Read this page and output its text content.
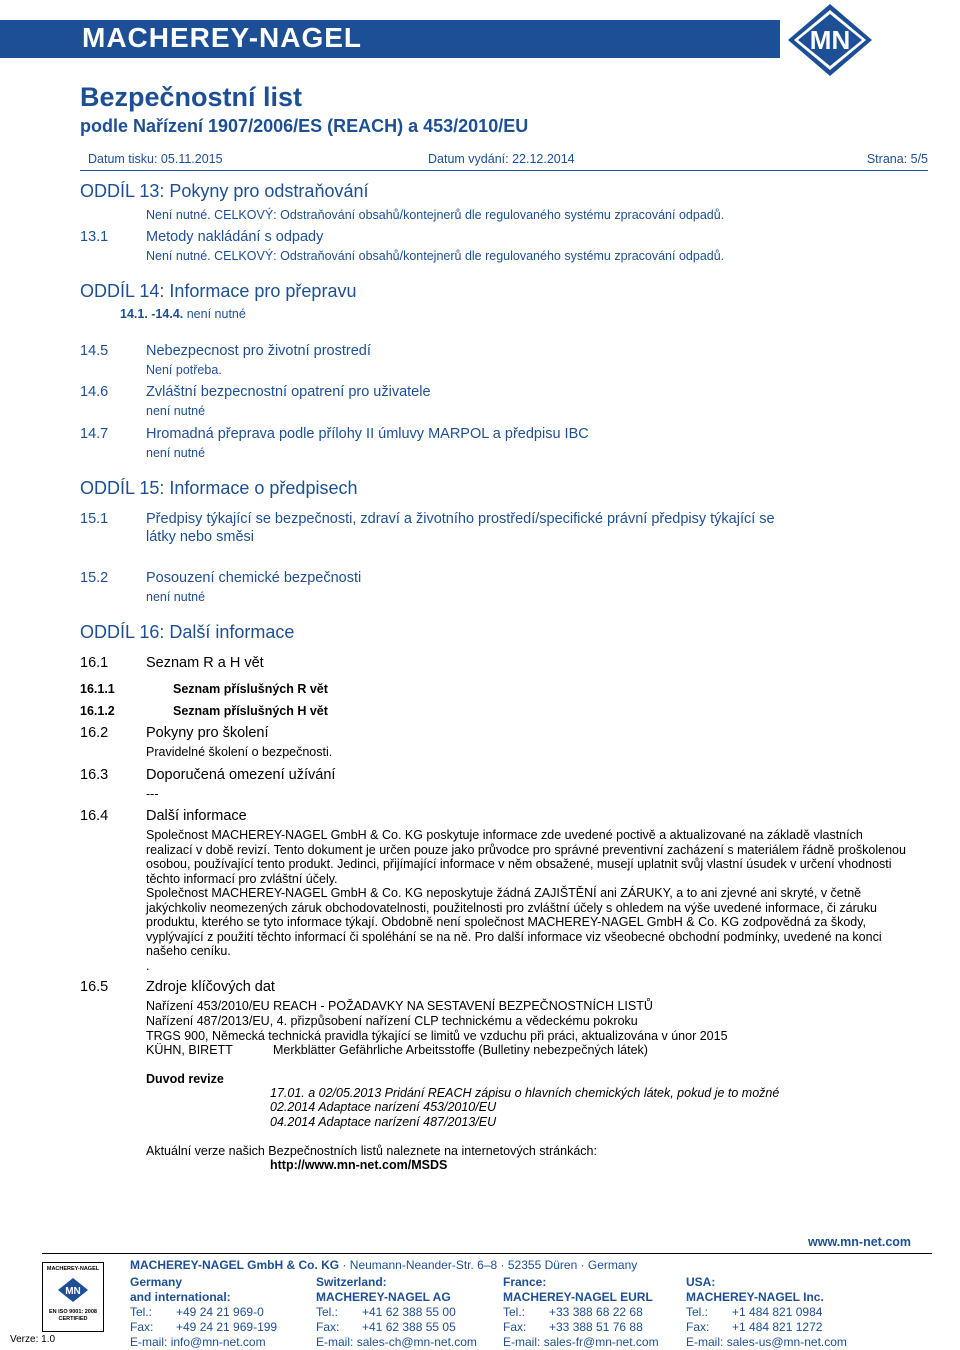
MACHEREY-NAGEL	MN
Bezpečnostní list
podle Nařízení 1907/2006/ES (REACH) a 453/2010/EU
Datum tisku: 05.11.2015	Datum vydání: 22.12.2014	Strana: 5/5
ODDÍL 13: Pokyny pro odstraňování
Není nutné. CELKOVÝ: Odstraňování obsahů/kontejnerů dle regulovaného systému zpracování odpadů.
13.1	Metody nakládání s odpady
Není nutné. CELKOVÝ: Odstraňování obsahů/kontejnerů dle regulovaného systému zpracování odpadů.
ODDÍL 14: Informace pro přepravu
14.1. -14.4. není nutné
14.5	Nebezpecnost pro životní prostredí
Není potřeba.
14.6	Zvláštní bezpecnostní opatrení pro uživatele
není nutné
14.7	Hromadná přeprava podle přílohy II úmluvy MARPOL a předpisu IBC
není nutné
ODDÍL 15: Informace o předpisech
15.1	Předpisy týkající se bezpečnosti, zdraví a životního prostředí/specifické právní předpisy týkající se
látky nebo směsi
15.2	Posouzení chemické bezpečnosti
není nutné
ODDÍL 16: Další informace
16.1	Seznam R a H vět
16.1.1	Seznam příslušných R vět
16.1.2	Seznam příslušných H vět
16.2	Pokyny pro školení
Pravidelné školení o bezpečnosti.
16.3	Doporučená omezení užívání
---
16.4	Další informace

Společnost MACHEREY-NAGEL GmbH & Co. KG poskytuje informace zde uvedené poctivě a aktualizované na základě vlastních realizací v době revizí. Tento dokument je určen pouze jako průvodce pro správné preventivní zacházení s materiálem řádně proškolenou osobou, používající tento produkt. Jedinci, přijímající informace v něm obsažené, musejí uplatnit svůj vlastní úsudek v určení vhodnosti těchto informací pro zvláštní účely.

Společnost MACHEREY-NAGEL GmbH & Co. KG neposkytuje žádná ZAJIŠTĚNÍ ani ZÁRUKY, a to ani zjevné ani skryté, v četně jakýchkoliv neomezených záruk obchodovatelnosti, použitelnosti pro zvláštní účely s ohledem na výše uvedené informace, či záruku produktu, kterého se tyto informace týkají. Obdobně není společnost MACHEREY-NAGEL GmbH & Co. KG zodpovědná za škody, vyplývající z použití těchto informací či spoléhání se na ně. Pro další informace viz všeobecné obchodní podmínky, uvedené na konci našeho ceníku.

.

16.5	Zdroje klíčových dat
Nařízení 453/2010/EU REACH - POŽADAVKY NA SESTAVENÍ BEZPEČNOSTNÍCH LISTŮ
Nařízení 487/2013/EU, 4. přizpůsobení nařízení CLP technickému a vědeckému pokroku
TRGS 900, Německá technická pravidla týkající se limitů ve vzduchu při práci, aktualizována v únor 2015
KÜHN, BIRETT	Merkblätter Gefährliche Arbeitsstoffe (Bulletiny nebezpečných látek)
Duvod revize
17.01. a 02/05.2013 Pridání REACH zápisu o hlavních chemických látek, pokud je to možné
02.2014 Adaptace narízení 453/2010/EU
04.2014 Adaptace narízení 487/2013/EU
Aktuální verze našich Bezpečnostních listů naleznete na internetových stránkách:
http://www.mn-net.com/MSDS
www.mn-net.com
MACHEREY-NAGEL
MN
EN ISO 9001: 2008 CERTIFIED
Verze: 1.0
MACHEREY-NAGEL GmbH & Co. KG · Neumann-Neander-Str. 6–8 · 52355 Düren · Germany
Germany
and international:
Tel.: +49 24 21 969-0
Fax: +49 24 21 969-199
E-mail: info@mn-net.com
Switzerland:
MACHEREY-NAGEL AG
Tel.: +41 62 388 55 00
Fax: +41 62 388 55 05
E-mail: sales-ch@mn-net.com
France:
MACHEREY-NAGEL EURL
Tel.: +33 388 68 22 68
Fax: +33 388 51 76 88
E-mail: sales-fr@mn-net.com
USA:
MACHEREY-NAGEL Inc.
Tel.: +1 484 821 0984
Fax: +1 484 821 1272
E-mail: sales-us@mn-net.com
